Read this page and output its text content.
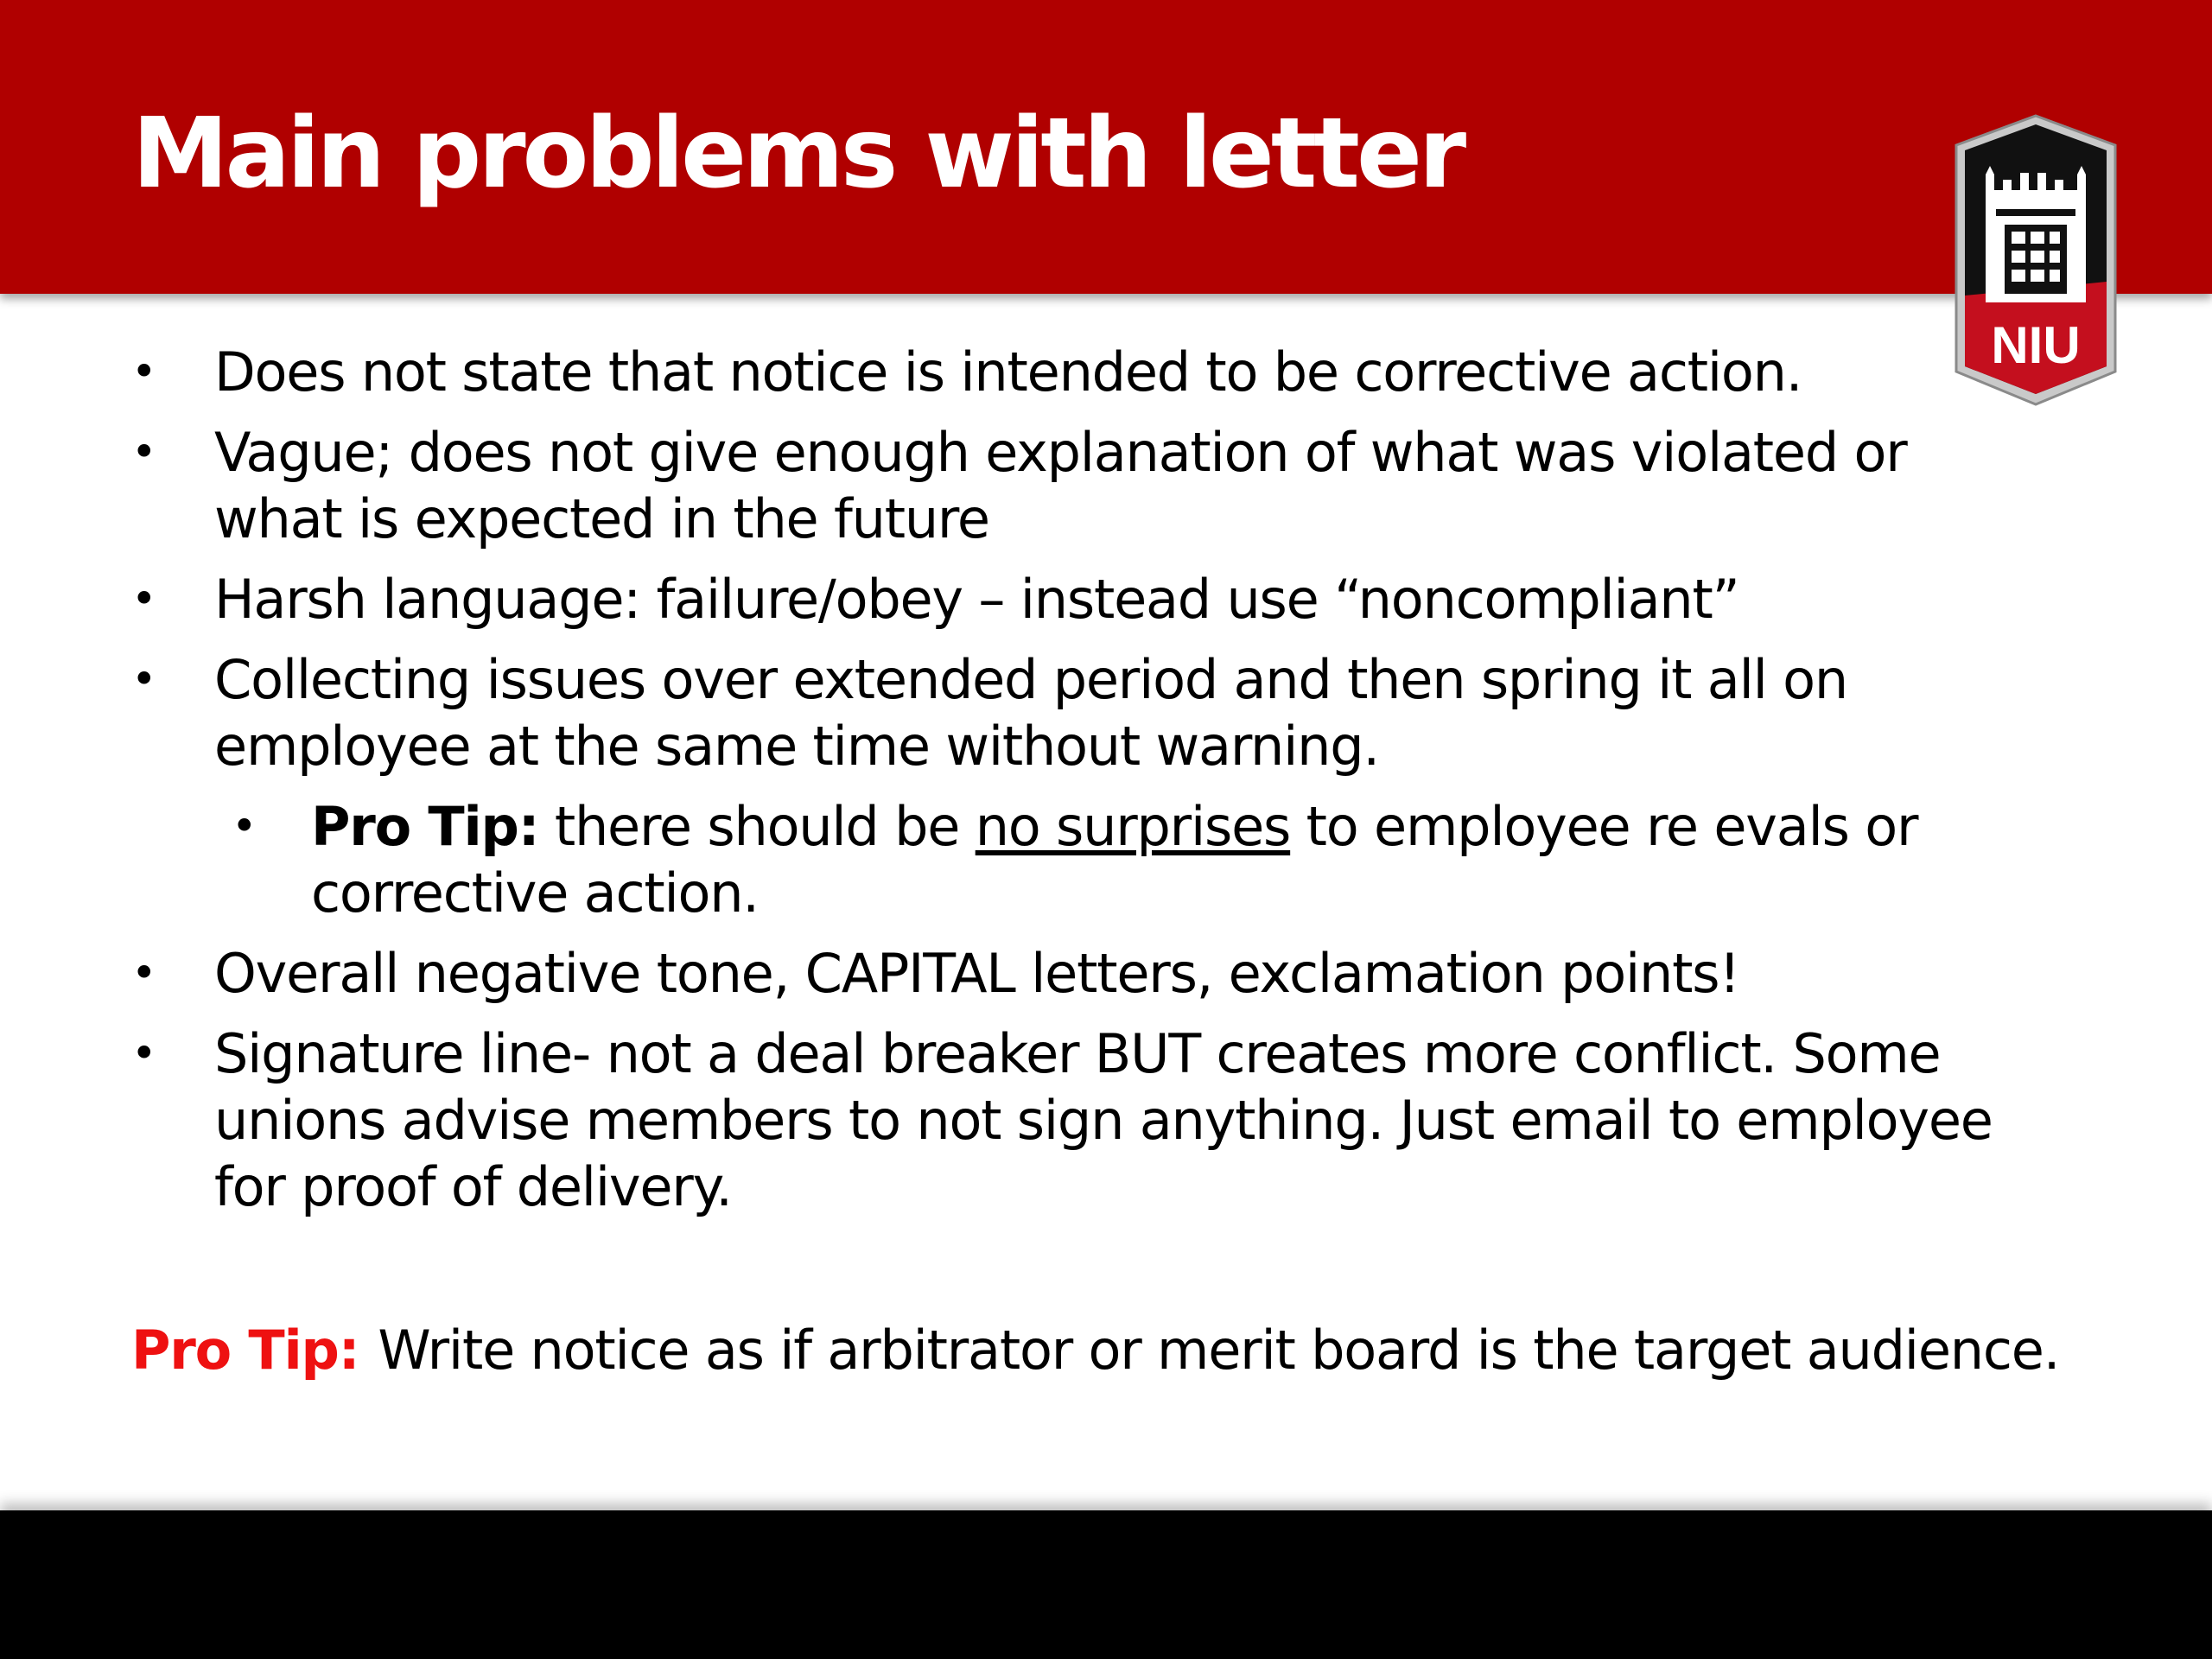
Main problems with letter
NIU
• Does not state that notice is intended to be corrective action.
• Vague; does not give enough explanation of what was violated or what is expected in the future
• Harsh language: failure/obey – instead use “noncompliant”
• Collecting issues over extended period and then spring it all on employee at the same time without warning.
• Pro Tip: there should be no surprises to employee re evals or corrective action.
• Overall negative tone, CAPITAL letters, exclamation points!
• Signature line- not a deal breaker BUT creates more conflict. Some unions advise members to not sign anything. Just email to employee for proof of delivery.
Pro Tip: Write notice as if arbitrator or merit board is the target audience.
